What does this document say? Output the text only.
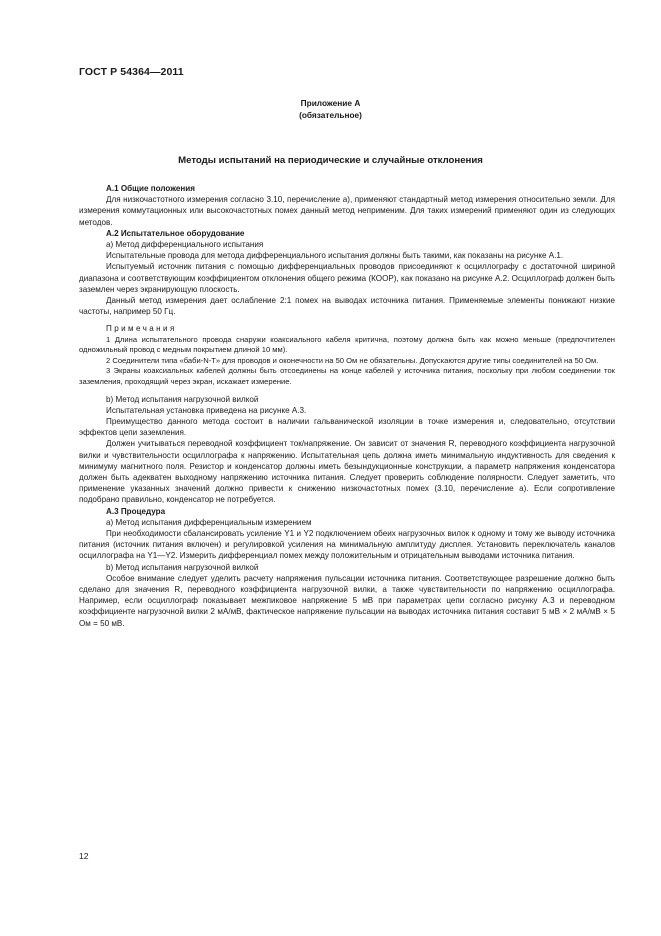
ГОСТ Р 54364—2011
Приложение А
(обязательное)
Методы испытаний на периодические и случайные отклонения

А.1 Общие положения

Для низкочастотного измерения согласно 3.10, перечисление а), применяют стандартный метод измерения относительно земли. Для измерения коммутационных или высокочастотных помех данный метод неприменим. Для таких измерений применяют один из следующих методов.

А.2 Испытательное оборудование

а) Метод дифференциального испытания

Испытательные провода для метода дифференциального испытания должны быть такими, как показаны на рисунке А.1.

Испытуемый источник питания с помощью дифференциальных проводов присоединяют к осциллографу с достаточной шириной диапазона и соответствующим коэффициентом отклонения общего режима (КООР), как показано на рисунке А.2. Осциллограф должен быть заземлен через экранирующую плоскость.

Данный метод измерения дает ослабление 2:1 помех на выводах источника питания. Применяемые элементы понижают низкие частоты, например 50 Гц.

Примечания

1 Длина испытательного провода снаружи коаксиального кабеля критична, поэтому должна быть как можно меньше (предпочтителен одножильный провод с медным покрытием длиной 10 мм).

2 Соединители типа «баби-N-T» для проводов и оконечности на 50 Ом не обязательны. Допускаются другие типы соединителей на 50 Ом.

3 Экраны коаксиальных кабелей должны быть отсоединены на конце кабелей у источника питания, поскольку при любом соединении ток заземления, проходящий через экран, искажает измерение.

b) Метод испытания нагрузочной вилкой

Испытательная установка приведена на рисунке А.3.

Преимущество данного метода состоит в наличии гальванической изоляции в точке измерения и, следовательно, отсутствии эффектов цепи заземления.

Должен учитываться переводной коэффициент ток/напряжение. Он зависит от значения R, переводного коэффициента нагрузочной вилки и чувствительности осциллографа к напряжению. Испытательная цепь должна иметь минимальную индуктивность для сведения к минимуму магнитного поля. Резистор и конденсатор должны иметь безындукционные конструкции, а параметр напряжения конденсатора должен быть адекватен выходному напряжению источника питания. Следует проверить соблюдение полярности. Следует заметить, что применение указанных значений должно привести к снижению низкочастотных помех (3.10, перечисление а). Если сопротивление подобрано правильно, конденсатор не потребуется.

А.3 Процедура

а) Метод испытания дифференциальным измерением

При необходимости сбалансировать усиление Y1 и Y2 подключением обеих нагрузочных вилок к одному и тому же выводу источника питания (источник питания включен) и регулировкой усиления на минимальную амплитуду дисплея. Установить переключатель каналов осциллографа на Y1—Y2. Измерить дифференциал помех между положительным и отрицательным выводами источника питания.

b) Метод испытания нагрузочной вилкой

Особое внимание следует уделить расчету напряжения пульсации источника питания. Соответствующее разрешение должно быть сделано для значения R, переводного коэффициента нагрузочной вилки, а также чувствительности по напряжению осциллографа. Например, если осциллограф показывает межпиковое напряжение 5 мВ при параметрах цепи согласно рисунку А.3 и переводном коэффициенте нагрузочной вилки 2 мА/мВ, фактическое напряжение пульсации на выводах источника питания составит 5 мВ × 2 мА/мВ × 5 Ом = 50 мВ.

12
